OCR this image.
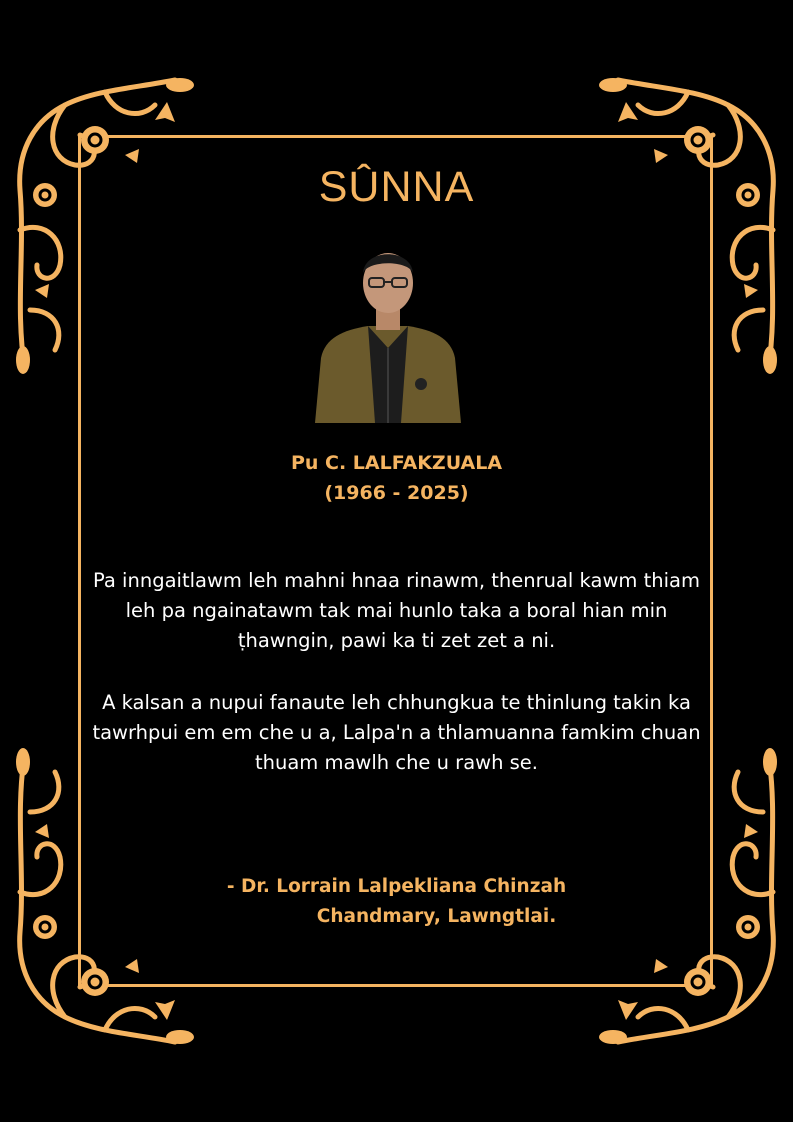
SÛNNA
Pu C. LALFAKZUALA
(1966 - 2025)

Pa inngaitlawm leh mahni hnaa rinawm, thenrual kawm thiam leh pa ngainatawm tak mai hunlo taka a boral hian min ṭhawngin, pawi ka ti zet zet a ni.

A kalsan a nupui fanaute leh chhungkua te thinlung takin ka tawrhpui em em che u a, Lalpa'n a thlamuanna famkim chuan thuam mawlh che u rawh se.

- Dr. Lorrain Lalpekliana Chinzah
Chandmary, Lawngtlai.
